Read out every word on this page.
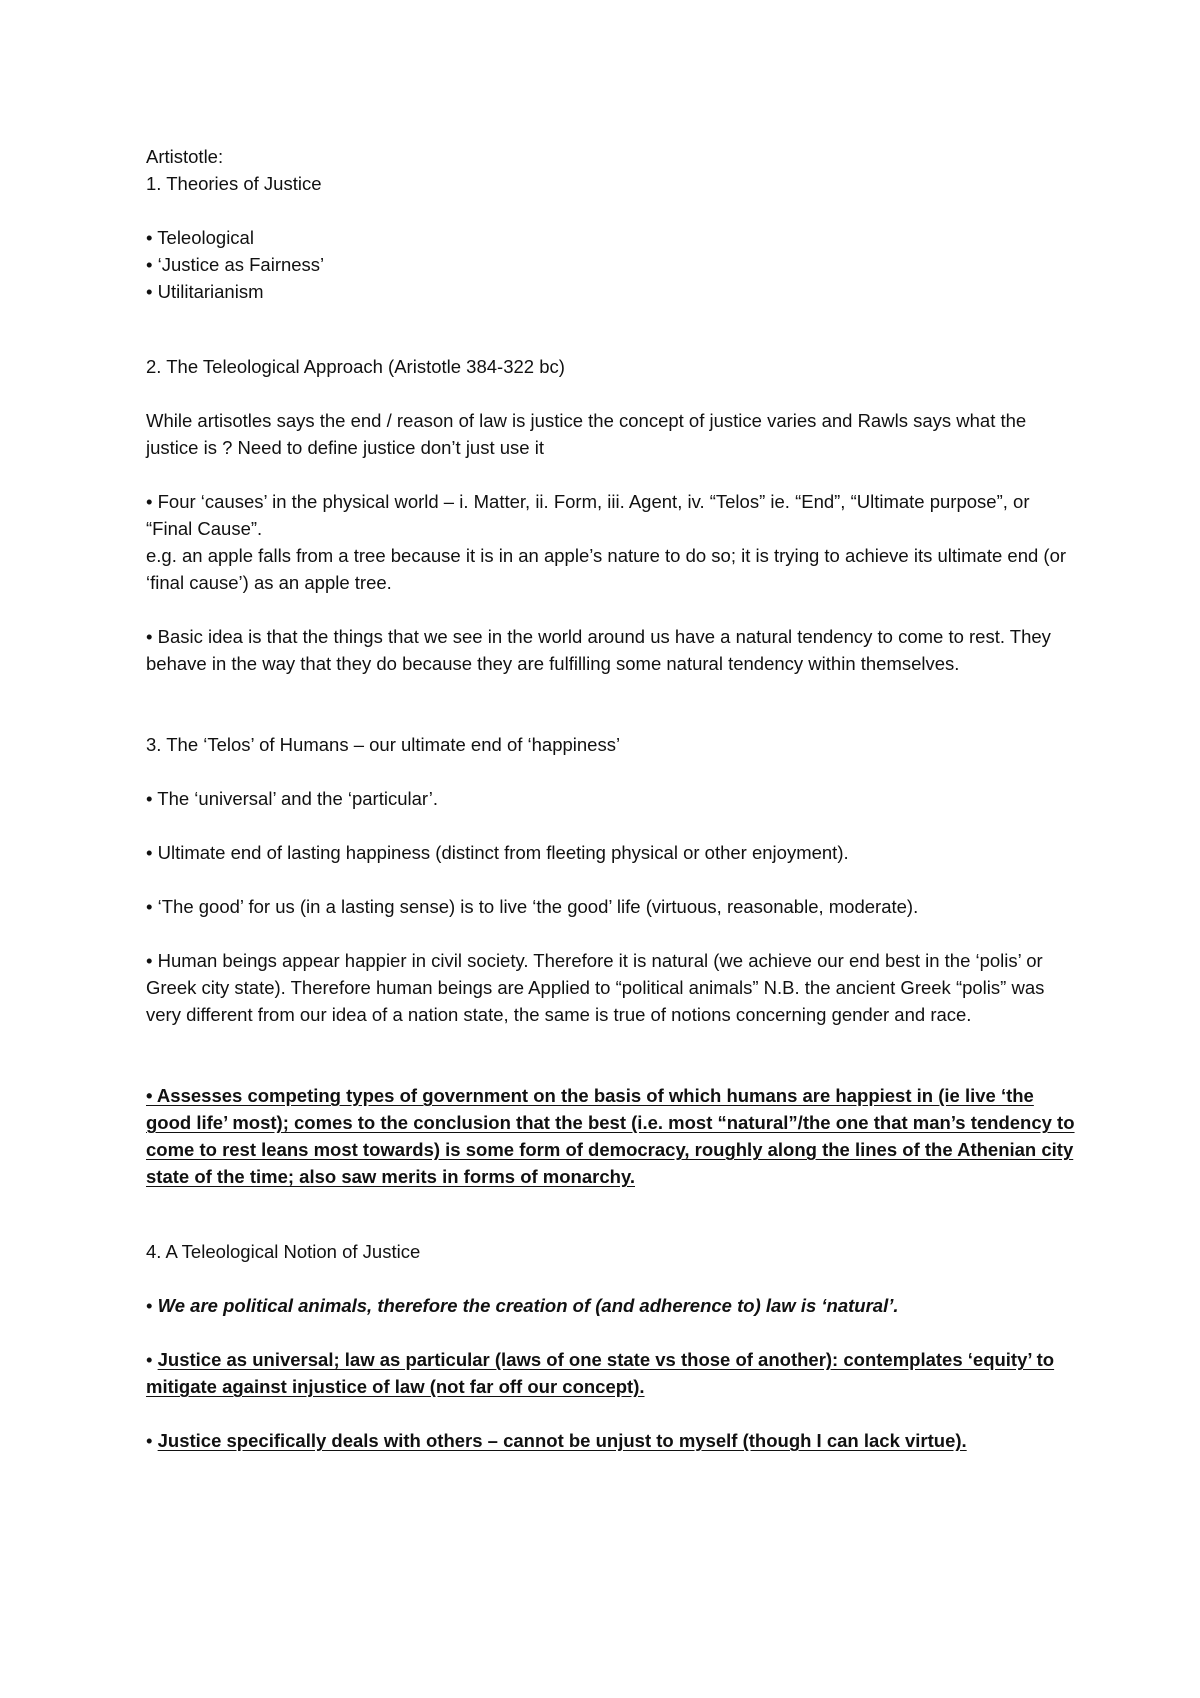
Artistotle:
1. Theories of Justice
• Teleological
• ‘Justice as Fairness’
• Utilitarianism
2. The Teleological Approach (Aristotle 384-322 bc)

While artisotles says the end / reason of law is justice the concept of justice varies and Rawls says what the justice is ? Need to define justice don’t just use it

• Four ‘causes’ in the physical world – i. Matter, ii. Form, iii. Agent, iv. “Telos” ie. “End”, “Ultimate purpose”, or “Final Cause”.

e.g. an apple falls from a tree because it is in an apple’s nature to do so; it is trying to achieve its ultimate end (or ‘final cause’) as an apple tree.

• Basic idea is that the things that we see in the world around us have a natural tendency to come to rest. They behave in the way that they do because they are fulfilling some natural tendency within themselves.

3. The ‘Telos’ of Humans – our ultimate end of ‘happiness’

• The ‘universal’ and the ‘particular’.

• Ultimate end of lasting happiness (distinct from fleeting physical or other enjoyment).

• ‘The good’ for us (in a lasting sense) is to live ‘the good’ life (virtuous, reasonable, moderate).

• Human beings appear happier in civil society. Therefore it is natural (we achieve our end best in the ‘polis’ or Greek city state). Therefore human beings are Applied to “political animals” N.B. the ancient Greek “polis” was very different from our idea of a nation state, the same is true of notions concerning gender and race.

• Assesses competing types of government on the basis of which humans are happiest in (ie live ‘the good life’ most); comes to the conclusion that the best (i.e. most “natural”/the one that man’s tendency to come to rest leans most towards) is some form of democracy, roughly along the lines of the Athenian city state of the time; also saw merits in forms of monarchy.

4. A Teleological Notion of Justice

• We are political animals, therefore the creation of (and adherence to) law is ‘natural’.

• Justice as universal; law as particular (laws of one state vs those of another): contemplates ‘equity’ to mitigate against injustice of law (not far off our concept).

• Justice specifically deals with others – cannot be unjust to myself (though I can lack virtue).
